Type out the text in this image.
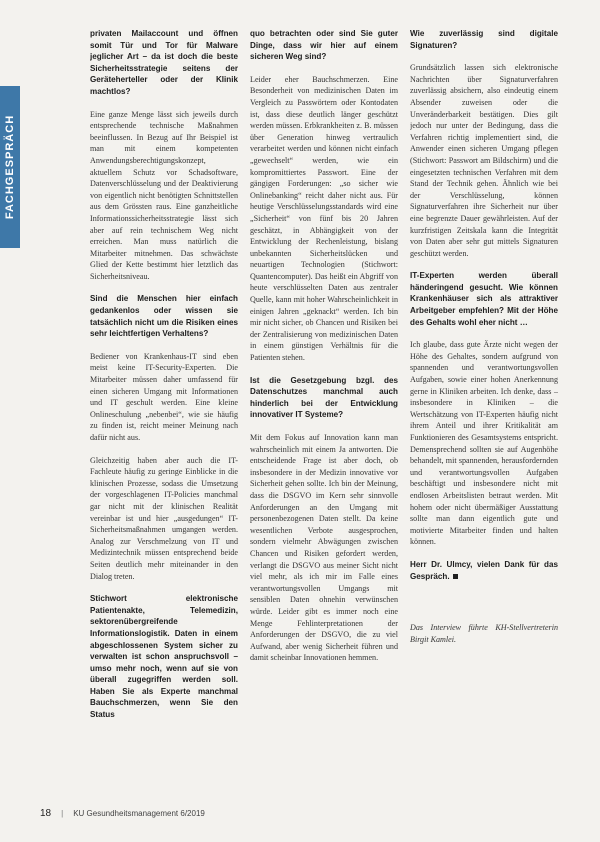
FACHGESPRÄCH

privaten Mailaccount und öffnen somit Tür und Tor für Malware jeglicher Art – da ist doch die beste Sicherheitsstrategie seitens der Geräteherteller oder der Klinik machtlos?

Eine ganze Menge lässt sich jeweils durch entsprechende technische Maßnahmen beeinflussen. In Bezug auf Ihr Beispiel ist man mit einem kompetenten Anwendungsberechtigungskonzept, aktuellem Schutz vor Schadsoftware, Datenverschlüsselung und der Deaktivierung von eigentlich nicht benötigten Schnittstellen aus dem Grössten raus. Eine ganzheitliche Informationssicherheitsstrategie lässt sich aber auf rein technischem Weg nicht erreichen. Man muss natürlich die Mitarbeiter mitnehmen. Das schwächste Glied der Kette bestimmt hier letztlich das Sicherheitsniveau.

Sind die Menschen hier einfach gedankenlos oder wissen sie tatsächlich nicht um die Risiken eines sehr leichtfertigen Verhaltens?

Bediener von Krankenhaus-IT sind eben meist keine IT-Security-Experten. Die Mitarbeiter müssen daher umfassend für einen sicheren Umgang mit Informationen und IT geschult werden. Eine kleine Onlineschulung „nebenbei“, wie sie häufig zu finden ist, reicht meiner Meinung nach dafür nicht aus.

Gleichzeitig haben aber auch die IT-Fachleute häufig zu geringe Einblicke in die klinischen Prozesse, sodass die Umsetzung der vorgeschlagenen IT-Policies manchmal gar nicht mit der klinischen Realität vereinbar ist und hier „ausgedungen“ IT-Sicherheitsmaßnahmen umgangen werden. Analog zur Verschmelzung von IT und Medizintechnik müssen entsprechend beide Seiten deutlich mehr miteinander in den Dialog treten.

Stichwort elektronische Patientenakte, Telemedizin, sektorenübergreifende Informationslogistik. Daten in einem abgeschlossenen System sicher zu verwalten ist schon anspruchsvoll – umso mehr noch, wenn auf sie von überall zugegriffen werden soll. Haben Sie als Experte manchmal Bauchschmerzen, wenn Sie den Status

quo betrachten oder sind Sie guter Dinge, dass wir hier auf einem sicheren Weg sind?

Leider eher Bauchschmerzen. Eine Besonderheit von medizinischen Daten im Vergleich zu Passwörtern oder Kontodaten ist, dass diese deutlich länger geschützt werden müssen. Erbkrankheiten z. B. müssen über Generation hinweg vertraulich verarbeitet werden und können nicht einfach „gewechselt“ werden, wie ein kompromittiertes Passwort. Eine der gängigen Forderungen: „so sicher wie Onlinebanking“ reicht daher nicht aus. Für heutige Verschlüsselungsstandards wird eine „Sicherheit“ von fünf bis 20 Jahren geschätzt, in Abhängigkeit von der Entwicklung der Rechenleistung, bislang unbekannten Sicherheitslücken und neuartigen Technologien (Stichwort: Quantencomputer). Das heißt ein Abgriff von heute verschlüsselten Daten aus zentraler Quelle, kann mit hoher Wahrscheinlichkeit in einigen Jahren „geknackt“ werden. Ich bin mir nicht sicher, ob Chancen und Risiken bei der Zentralisierung von medizinischen Daten in einem günstigen Verhältnis für die Patienten stehen.

Ist die Gesetzgebung bzgl. des Datenschutzes manchmal auch hinderlich bei der Entwicklung innovativer IT Systeme?

Mit dem Fokus auf Innovation kann man wahrscheinlich mit einem Ja antworten. Die entscheidende Frage ist aber doch, ob insbesondere in der Medizin innovative vor Sicherheit gehen sollte. Ich bin der Meinung, dass die DSGVO im Kern sehr sinnvolle Anforderungen an den Umgang mit personenbezogenen Daten stellt. Da keine wesentlichen Verbote ausgesprochen, sondern vielmehr Abwägungen zwischen Chancen und Risiken gefordert werden, verlangt die DSGVO aus meiner Sicht nicht viel mehr, als ich mir im Falle eines verantwortungsvollen Umgangs mit sensiblen Daten ohnehin verwünschen würde. Leider gibt es immer noch eine Menge Fehlinterpretationen der Anforderungen der DSGVO, die zu viel Aufwand, aber wenig Sicherheit führen und damit scheinbar Innovationen hemmen.

Wie zuverlässig sind digitale Signaturen?

Grundsätzlich lassen sich elektronische Nachrichten über Signaturverfahren zuverlässig absichern, also eindeutig einem Absender zuweisen oder die Unveränderbarkeit bestätigen. Dies gilt jedoch nur unter der Bedingung, dass die Verfahren richtig implementiert sind, die Anwender einen sicheren Umgang pflegen (Stichwort: Passwort am Bildschirm) und die eingesetzten technischen Verfahren mit dem Stand der Technik gehen. Ähnlich wie bei der Verschlüsselung, können Signaturverfahren ihre Sicherheit nur über eine begrenzte Dauer gewährleisten. Auf der kurzfristigen Zeitskala kann die Integrität von Daten aber sehr gut mittels Signaturen geschützt werden.

IT-Experten werden überall händeringend gesucht. Wie können Krankenhäuser sich als attraktiver Arbeitgeber empfehlen? Mit der Höhe des Gehalts wohl eher nicht …

Ich glaube, dass gute Ärzte nicht wegen der Höhe des Gehaltes, sondern aufgrund von spannenden und verantwortungsvollen Aufgaben, sowie einer hohen Anerkennung gerne in Kliniken arbeiten. Ich denke, dass – insbesondere in Kliniken – die Wertschätzung von IT-Experten häufig nicht ihrem Anteil und ihrer Kritikalität am Funktionieren des Gesamtsystems entspricht. Demensprechend sollten sie auf Augenhöhe behandelt, mit spannenden, herausfordernden und verantwortungsvollen Aufgaben beschäftigt und insbesondere nicht mit endlosen Arbeitslisten betraut werden. Mit hohem oder nicht übermäßiger Ausstattung sollte man dann eigentlich gute und motivierte Mitarbeiter finden und halten können.

Herr Dr. Ulmcy, vielen Dank für das Gespräch.

Das Interview führte KH-Stellvertreterin Birgit Kamlei.

18 | KU Gesundheitsmanagement 6/2019
